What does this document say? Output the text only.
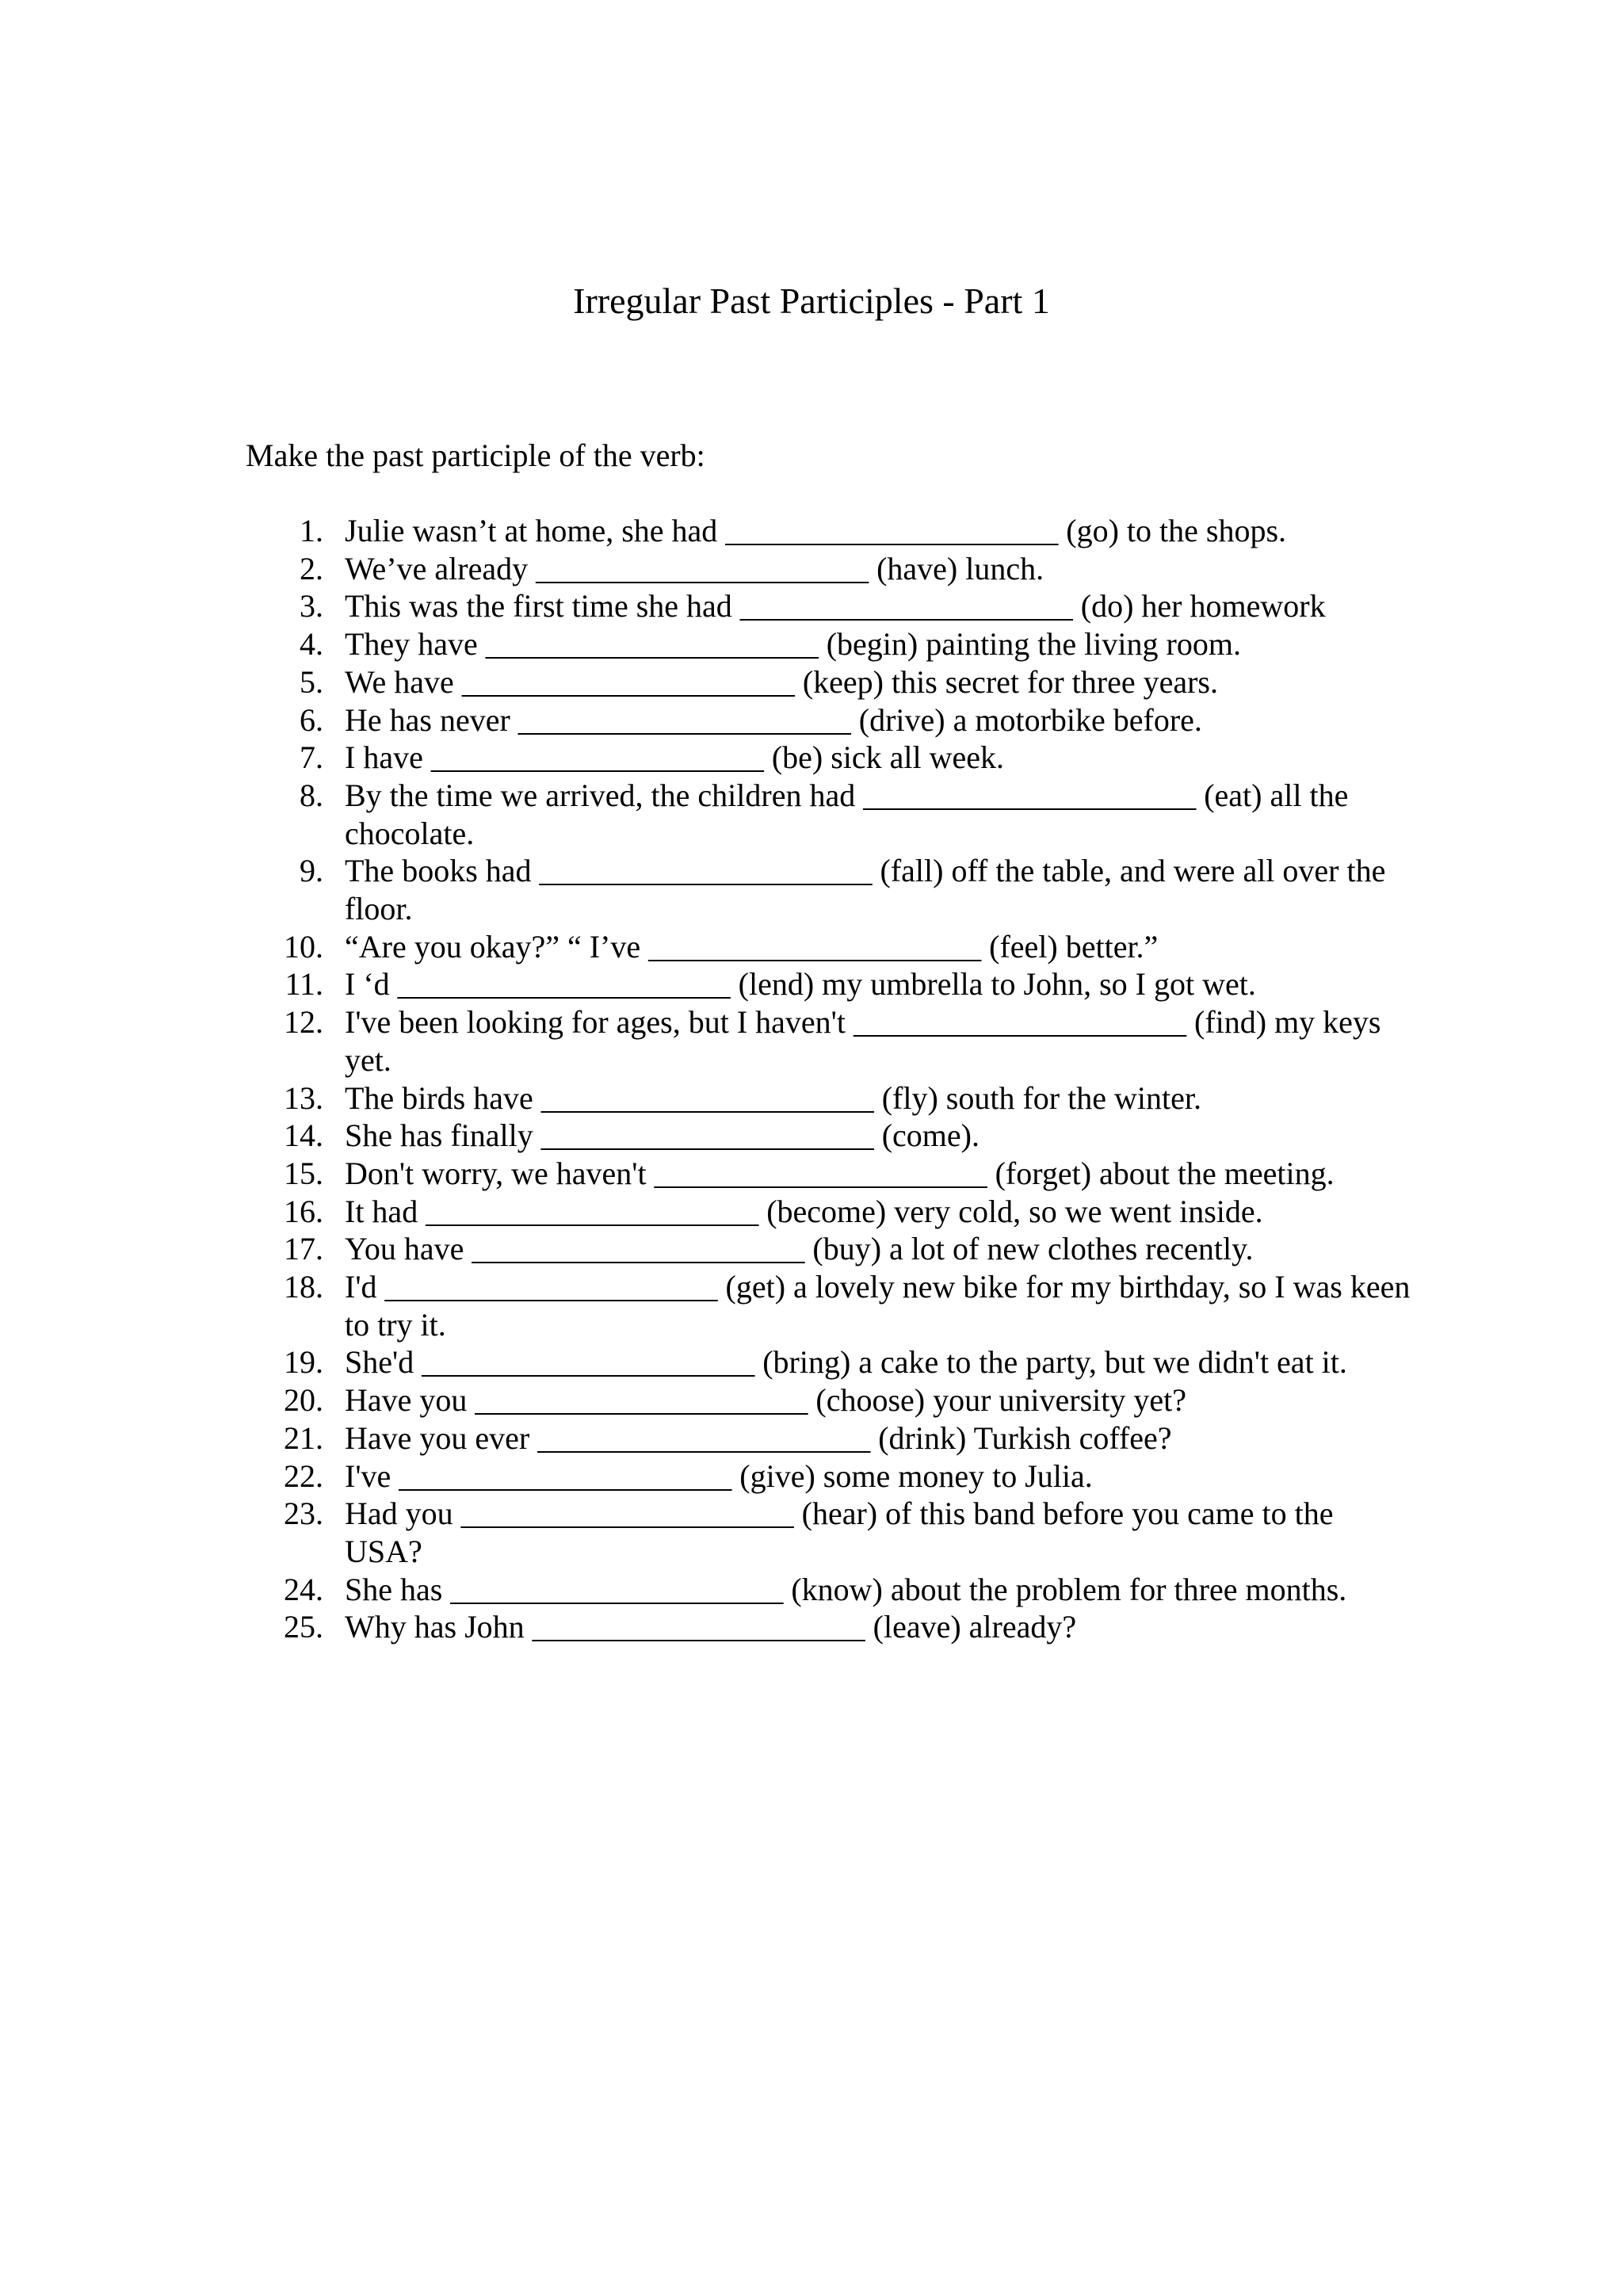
Irregular Past Participles - Part 1

Make the past participle of the verb:

1. Julie wasn’t at home, she had _____________________ (go) to the shops.
2. We’ve already _____________________ (have) lunch.
3. This was the first time she had _____________________ (do) her homework
4. They have _____________________ (begin) painting the living room.
5. We have _____________________ (keep) this secret for three years.
6. He has never _____________________ (drive) a motorbike before.
7. I have _____________________ (be) sick all week.
8. By the time we arrived, the children had _____________________ (eat) all the chocolate.
9. The books had _____________________ (fall) off the table, and were all over the floor.
10. “Are you okay?” “ I’ve _____________________ (feel) better.”
11. I ‘d _____________________ (lend) my umbrella to John, so I got wet.
12. I've been looking for ages, but I haven't _____________________ (find) my keys yet.
13. The birds have _____________________ (fly) south for the winter.
14. She has finally _____________________ (come).
15. Don't worry, we haven't _____________________ (forget) about the meeting.
16. It had _____________________ (become) very cold, so we went inside.
17. You have _____________________ (buy) a lot of new clothes recently.
18. I'd _____________________ (get) a lovely new bike for my birthday, so I was keen to try it.
19. She'd _____________________ (bring) a cake to the party, but we didn't eat it.
20. Have you _____________________ (choose) your university yet?
21. Have you ever _____________________ (drink) Turkish coffee?
22. I've _____________________ (give) some money to Julia.
23. Had you _____________________ (hear) of this band before you came to the USA?
24. She has _____________________ (know) about the problem for three months.
25. Why has John _____________________ (leave) already?
